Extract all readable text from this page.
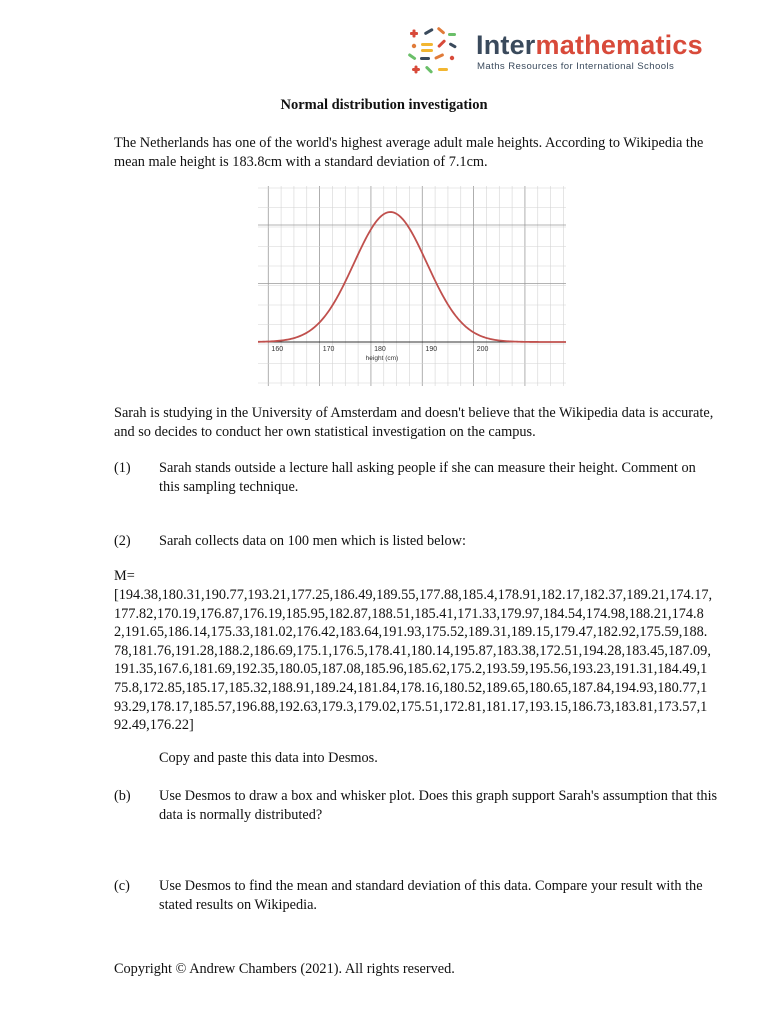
Intermathematics
Maths Resources for International Schools
Normal distribution investigation
The Netherlands has one of the world's highest average adult male heights. According to Wikipedia the mean male height is 183.8cm with a standard deviation of 7.1cm.
160	170	180	190	200
height (cm)
Sarah is studying in the University of Amsterdam and doesn't believe that the Wikipedia data is accurate, and so decides to conduct her own statistical investigation on the campus.
(1) Sarah stands outside a lecture hall asking people if she can measure their height. Comment on this sampling technique.
(2) Sarah collects data on 100 men which is listed below:
M=
[194.38,180.31,190.77,193.21,177.25,186.49,189.55,177.88,185.4,178.91,182.17,182.37,189.21,174.17,177.82,170.19,176.87,176.19,185.95,182.87,188.51,185.41,171.33,179.97,184.54,174.98,188.21,174.82,191.65,186.14,175.33,181.02,176.42,183.64,191.93,175.52,189.31,189.15,179.47,182.92,175.59,188.78,181.76,191.28,188.2,186.69,175.1,176.5,178.41,180.14,195.87,183.38,172.51,194.28,183.45,187.09,191.35,167.6,181.69,192.35,180.05,187.08,185.96,185.62,175.2,193.59,195.56,193.23,191.31,184.49,175.8,172.85,185.17,185.32,188.91,189.24,181.84,178.16,180.52,189.65,180.65,187.84,194.93,180.77,193.29,178.17,185.57,196.88,192.63,179.3,179.02,175.51,172.81,181.17,193.15,186.73,183.81,173.57,192.49,176.22]
Copy and paste this data into Desmos.
(b) Use Desmos to draw a box and whisker plot. Does this graph support Sarah's assumption that this data is normally distributed?
(c) Use Desmos to find the mean and standard deviation of this data. Compare your result with the stated results on Wikipedia.
Copyright © Andrew Chambers (2021). All rights reserved.
